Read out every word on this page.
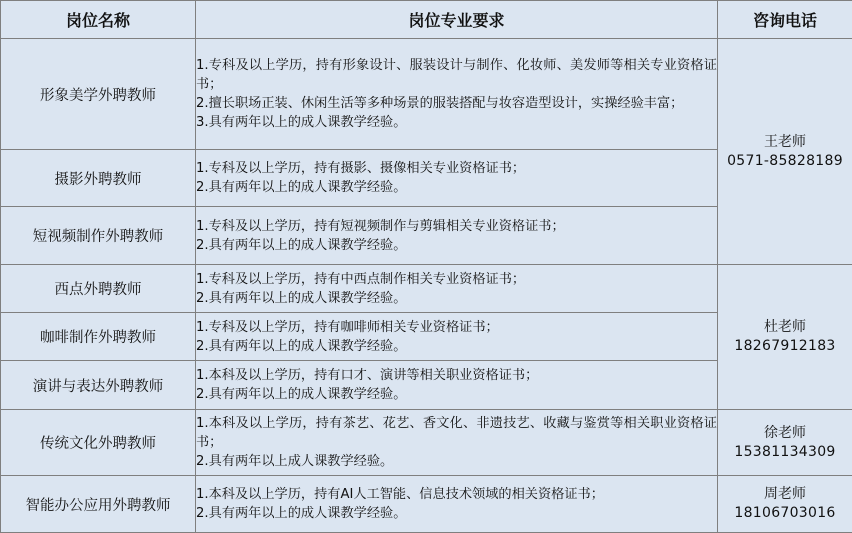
岗位名称	岗位专业要求	咨询电话
形象美学外聘教师	1.专科及以上学历，持有形象设计、服装设计与制作、化妆师、美发师等相关专业资格证书；
2.擅长职场正装、休闲生活等多种场景的服装搭配与妆容造型设计，实操经验丰富；
3.具有两年以上的成人课教学经验。	王老师
0571-85828189

摄影外聘教师	1.专科及以上学历，持有摄影、摄像相关专业资格证书；
2.具有两年以上的成人课教学经验。	

短视频制作外聘教师	1.专科及以上学历，持有短视频制作与剪辑相关专业资格证书；
2.具有两年以上的成人课教学经验。	

西点外聘教师	1.专科及以上学历，持有中西点制作相关专业资格证书；
2.具有两年以上的成人课教学经验。	杜老师
18267912183

咖啡制作外聘教师	1.专科及以上学历，持有咖啡师相关专业资格证书；
2.具有两年以上的成人课教学经验。	

演讲与表达外聘教师	1.本科及以上学历，持有口才、演讲等相关职业资格证书；
2.具有两年以上的成人课教学经验。	

传统文化外聘教师	1.本科及以上学历，持有茶艺、花艺、香文化、非遗技艺、收藏与鉴赏等相关职业资格证书；
2.具有两年以上成人课教学经验。	徐老师
15381134309

智能办公应用外聘教师	1.本科及以上学历，持有AI人工智能、信息技术领域的相关资格证书；
2.具有两年以上的成人课教学经验。	周老师
18106703016
